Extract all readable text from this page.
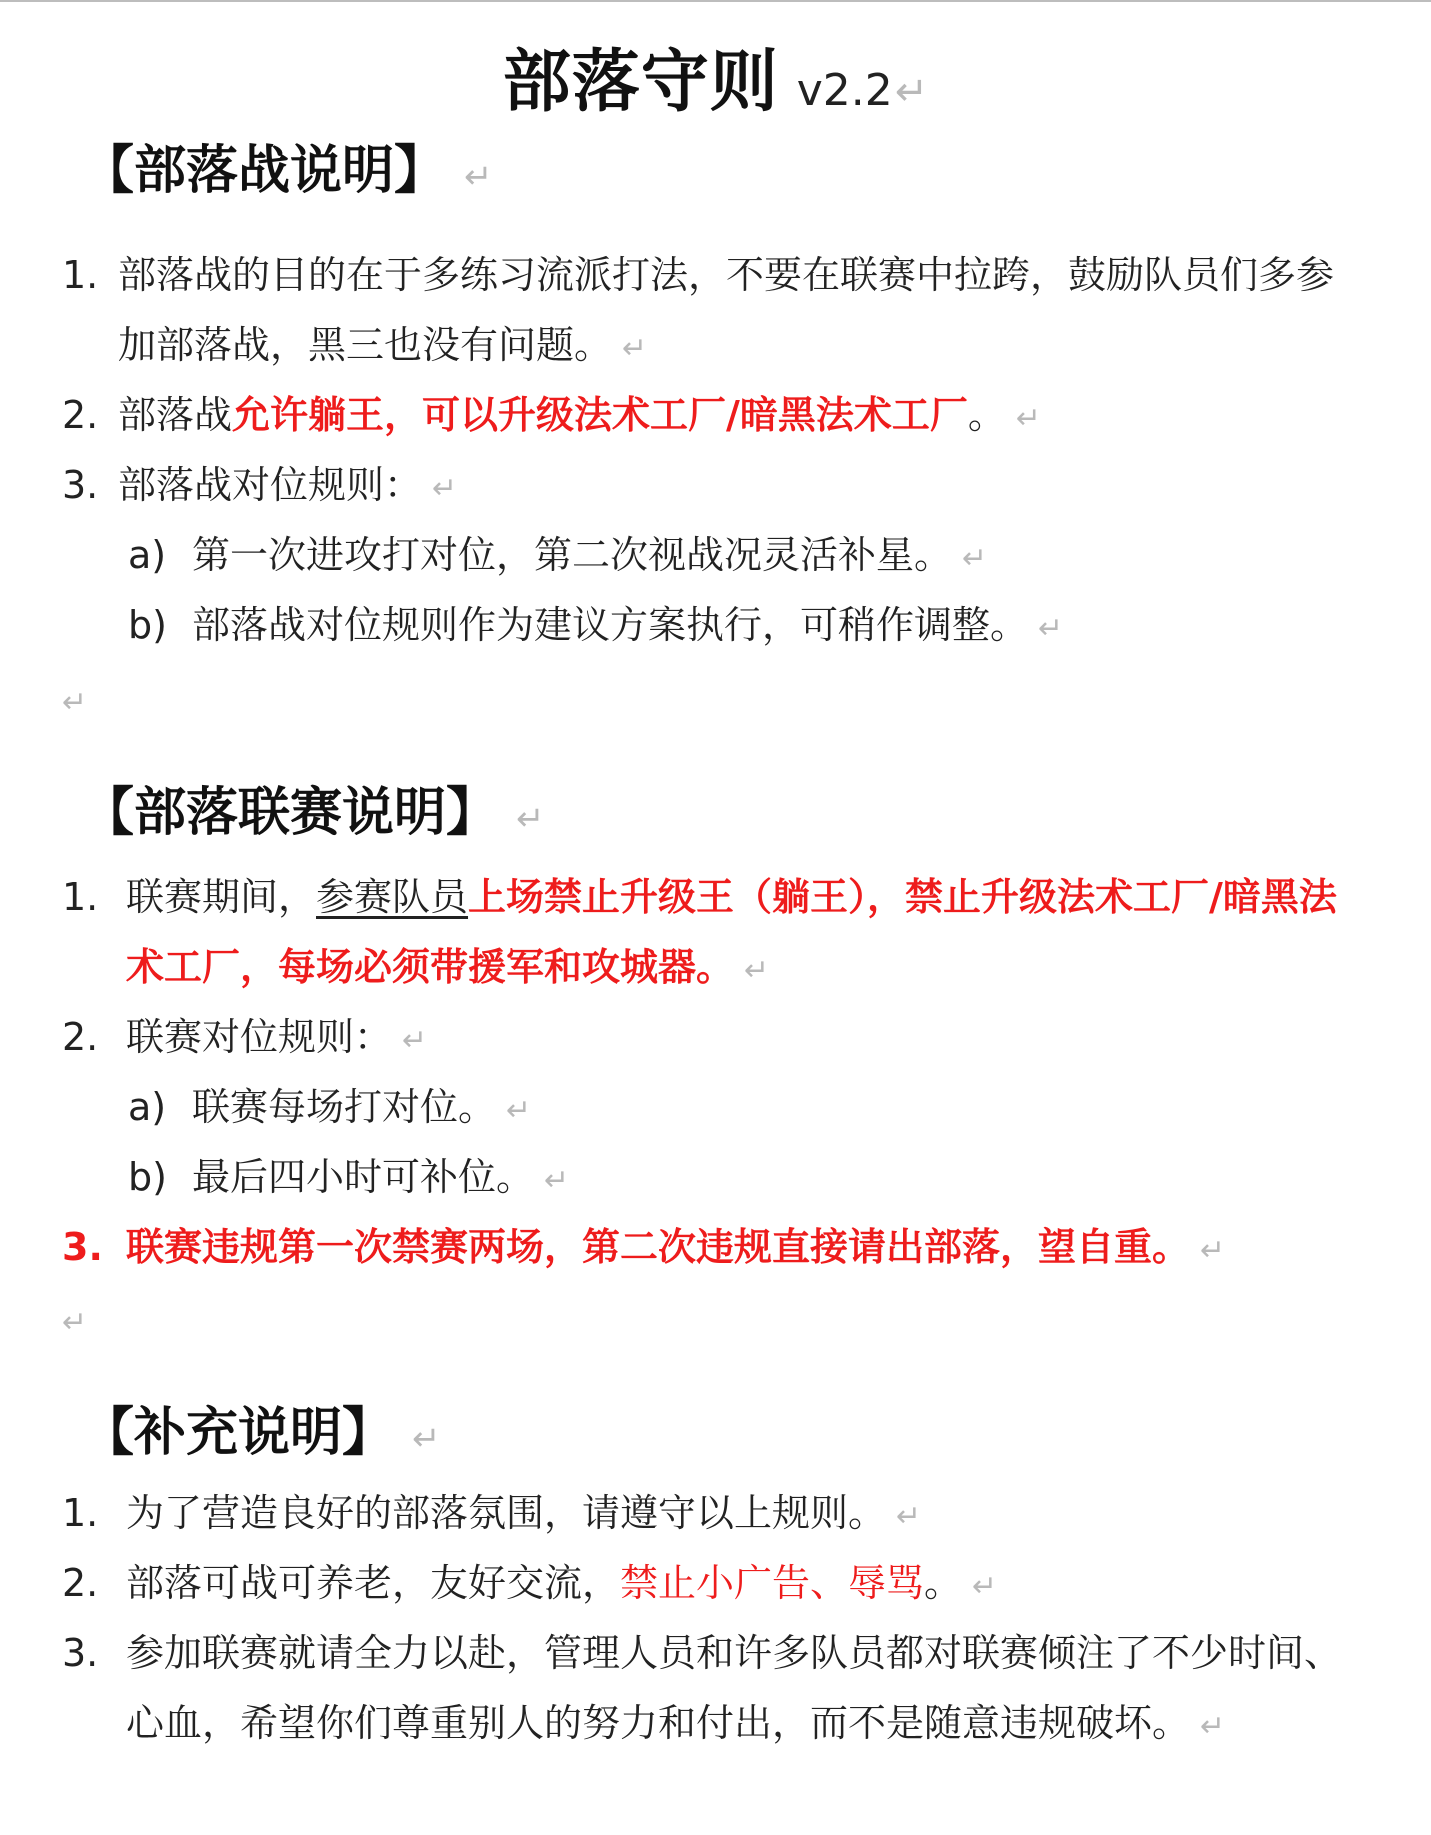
部落守则 v2.2↵
【部落战说明】 ↵
1. 部落战的目的在于多练习流派打法，不要在联赛中拉跨，鼓励队员们多参加部落战，黑三也没有问题。 ↵
2. 部落战允许躺王，可以升级法术工厂/暗黑法术工厂。 ↵
3. 部落战对位规则： ↵
a) 第一次进攻打对位，第二次视战况灵活补星。 ↵
b) 部落战对位规则作为建议方案执行，可稍作调整。 ↵
↵
【部落联赛说明】 ↵
1. 联赛期间，参赛队员上场禁止升级王（躺王），禁止升级法术工厂/暗黑法术工厂，每场必须带援军和攻城器。 ↵
2. 联赛对位规则： ↵
a) 联赛每场打对位。 ↵
b) 最后四小时可补位。 ↵
3. 联赛违规第一次禁赛两场，第二次违规直接请出部落，望自重。 ↵
↵
【补充说明】 ↵
1. 为了营造良好的部落氛围，请遵守以上规则。 ↵
2. 部落可战可养老，友好交流，禁止小广告、辱骂。 ↵
3. 参加联赛就请全力以赴，管理人员和许多队员都对联赛倾注了不少时间、心血，希望你们尊重别人的努力和付出，而不是随意违规破坏。 ↵
